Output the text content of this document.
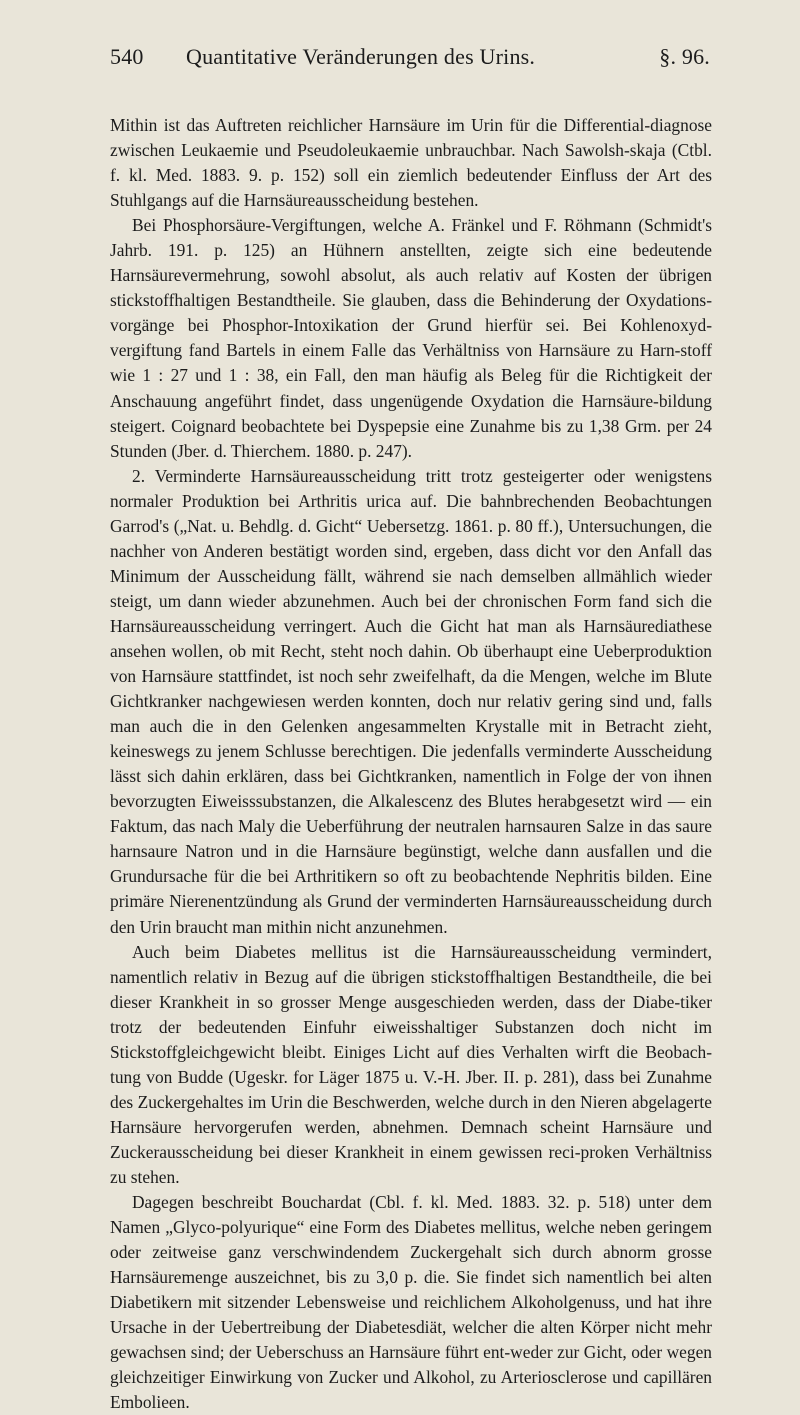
540 Quantitative Veränderungen des Urins.	§. 96.

Mithin ist das Auftreten reichlicher Harnsäure im Urin für die Differential-diagnose zwischen Leukaemie und Pseudoleukaemie unbrauchbar. Nach Sawolsh-skaja (Ctbl. f. kl. Med. 1883. 9. p. 152) soll ein ziemlich bedeutender Einfluss der Art des Stuhlgangs auf die Harnsäureausscheidung bestehen.

Bei Phosphorsäure-Vergiftungen, welche A. Fränkel und F. Röhmann (Schmidt's Jahrb. 191. p. 125) an Hühnern anstellten, zeigte sich eine bedeutende Harnsäurevermehrung, sowohl absolut, als auch relativ auf Kosten der übrigen stickstoffhaltigen Bestandtheile. Sie glauben, dass die Behinderung der Oxydations-vorgänge bei Phosphor-Intoxikation der Grund hierfür sei. Bei Kohlenoxyd-vergiftung fand Bartels in einem Falle das Verhältniss von Harnsäure zu Harn-stoff wie 1 : 27 und 1 : 38, ein Fall, den man häufig als Beleg für die Richtigkeit der Anschauung angeführt findet, dass ungenügende Oxydation die Harnsäure-bildung steigert. Coignard beobachtete bei Dyspepsie eine Zunahme bis zu 1,38 Grm. per 24 Stunden (Jber. d. Thierchem. 1880. p. 247).

2. Verminderte Harnsäureausscheidung tritt trotz gesteigerter oder wenigstens normaler Produktion bei Arthritis urica auf. Die bahnbrechenden Beobachtungen Garrod's („Nat. u. Behdlg. d. Gicht“ Uebersetzg. 1861. p. 80 ff.), Untersuchungen, die nachher von Anderen bestätigt worden sind, ergeben, dass dicht vor den Anfall das Minimum der Ausscheidung fällt, während sie nach demselben allmählich wieder steigt, um dann wieder abzunehmen. Auch bei der chronischen Form fand sich die Harnsäureausscheidung verringert. Auch die Gicht hat man als Harnsäurediathese ansehen wollen, ob mit Recht, steht noch dahin. Ob überhaupt eine Ueberproduktion von Harnsäure stattfindet, ist noch sehr zweifelhaft, da die Mengen, welche im Blute Gichtkranker nachgewiesen werden konnten, doch nur relativ gering sind und, falls man auch die in den Gelenken angesammelten Krystalle mit in Betracht zieht, keineswegs zu jenem Schlusse berechtigen. Die jedenfalls verminderte Ausscheidung lässt sich dahin erklären, dass bei Gichtkranken, namentlich in Folge der von ihnen bevorzugten Eiweisssubstanzen, die Alkalescenz des Blutes herabgesetzt wird — ein Faktum, das nach Maly die Ueberführung der neutralen harnsauren Salze in das saure harnsaure Natron und in die Harnsäure begünstigt, welche dann ausfallen und die Grundursache für die bei Arthritikern so oft zu beobachtende Nephritis bilden. Eine primäre Nierenentzündung als Grund der verminderten Harnsäureausscheidung durch den Urin braucht man mithin nicht anzunehmen.

Auch beim Diabetes mellitus ist die Harnsäureausscheidung vermindert, namentlich relativ in Bezug auf die übrigen stickstoffhaltigen Bestandtheile, die bei dieser Krankheit in so grosser Menge ausgeschieden werden, dass der Diabe-tiker trotz der bedeutenden Einfuhr eiweisshaltiger Substanzen doch nicht im Stickstoffgleichgewicht bleibt. Einiges Licht auf dies Verhalten wirft die Beobach-tung von Budde (Ugeskr. for Läger 1875 u. V.-H. Jber. II. p. 281), dass bei Zunahme des Zuckergehaltes im Urin die Beschwerden, welche durch in den Nieren abgelagerte Harnsäure hervorgerufen werden, abnehmen. Demnach scheint Harnsäure und Zuckerausscheidung bei dieser Krankheit in einem gewissen reci-proken Verhältniss zu stehen.

Dagegen beschreibt Bouchardat (Cbl. f. kl. Med. 1883. 32. p. 518) unter dem Namen „Glyco-polyurique“ eine Form des Diabetes mellitus, welche neben geringem oder zeitweise ganz verschwindendem Zuckergehalt sich durch abnorm grosse Harnsäuremenge auszeichnet, bis zu 3,0 p. die. Sie findet sich namentlich bei alten Diabetikern mit sitzender Lebensweise und reichlichem Alkoholgenuss, und hat ihre Ursache in der Uebertreibung der Diabetesdiät, welcher die alten Körper nicht mehr gewachsen sind; der Ueberschuss an Harnsäure führt ent-weder zur Gicht, oder wegen gleichzeitiger Einwirkung von Zucker und Alkohol, zu Arteriosclerose und capillären Embolieen.
